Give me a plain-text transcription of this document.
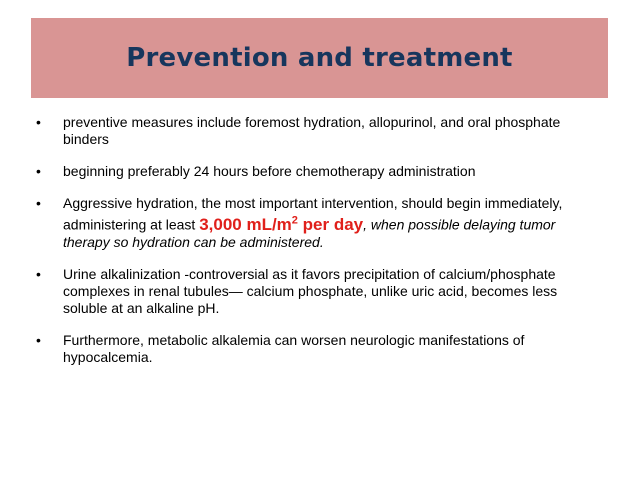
Prevention and treatment
• preventive measures include foremost hydration, allopurinol, and oral phosphate binders
• beginning preferably 24 hours before chemotherapy administration
• Aggressive hydration, the most important intervention, should begin immediately, administering at least 3,000 $mL/m^2$ per day, when possible delaying tumor therapy so hydration can be administered.
• Urine alkalinization -controversial as it favors precipitation of calcium/phosphate complexes in renal tubules— calcium phosphate, unlike uric acid, becomes less soluble at an alkaline pH.
• Furthermore, metabolic alkalemia can worsen neurologic manifestations of hypocalcemia.
